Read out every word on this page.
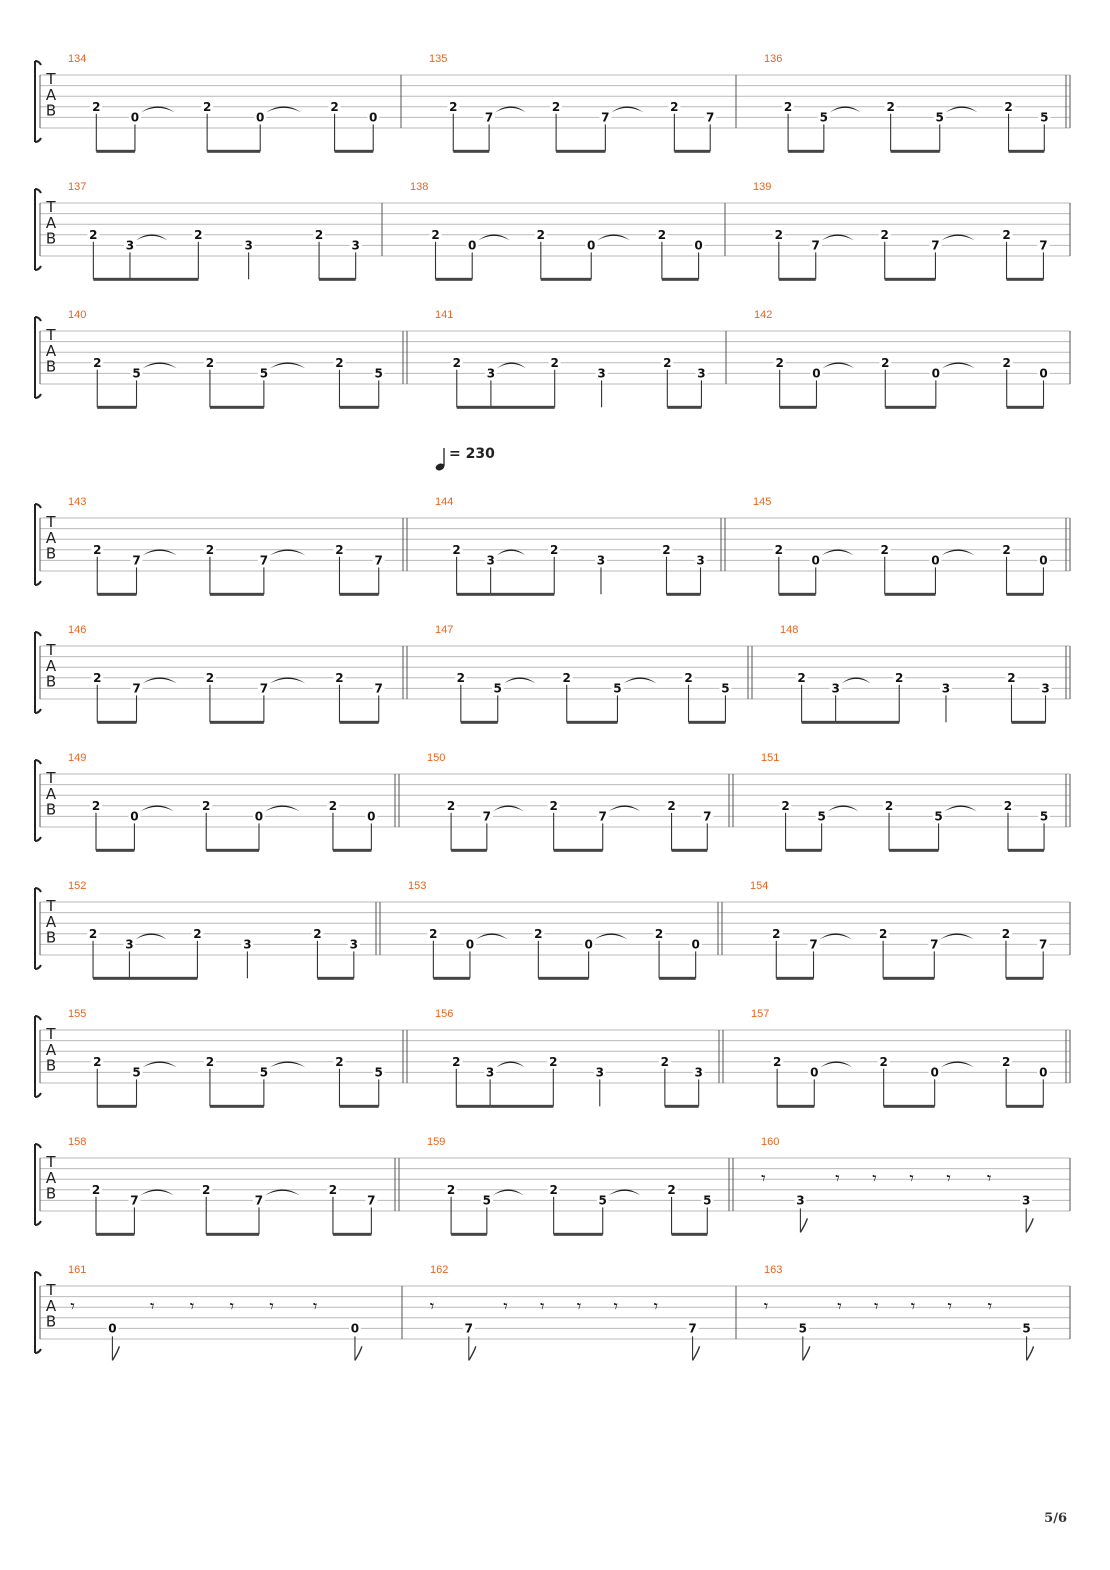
T
A
B
134
2
0
2
0
2
0
135
2
7
2
7
2
7
136
2
5
2
5
2
5
T
A
B
137
2
3
2
3
2
3
138
2
0
2
0
2
0
139
2
7
2
7
2
7
T
A
B
140
2
5
2
5
2
5
141
2
3
2
3
2
3
142
2
0
2
0
2
0
T
A
B
143
2
7
2
7
2
7
144
2
3
2
3
2
3
145
2
0
2
0
2
0
T
A
B
146
2
7
2
7
2
7
147
2
5
2
5
2
5
148
2
3
2
3
2
3
T
A
B
149
2
0
2
0
2
0
150
2
7
2
7
2
7
151
2
5
2
5
2
5
T
A
B
152
2
3
2
3
2
3
153
2
0
2
0
2
0
154
2
7
2
7
2
7
T
A
B
155
2
5
2
5
2
5
156
2
3
2
3
2
3
157
2
0
2
0
2
0
T
A
B
158
2
7
2
7
2
7
159
2
5
2
5
2
5
160
𝄾	𝄾 𝄾 𝄾 𝄾 𝄾
3	3
T
A
B
161
𝄾	𝄾 𝄾 𝄾 𝄾 𝄾
0	0
162
𝄾	𝄾 𝄾 𝄾 𝄾 𝄾
7	7
163
𝄾	𝄾 𝄾 𝄾 𝄾 𝄾
5	5
= 230
5/6
